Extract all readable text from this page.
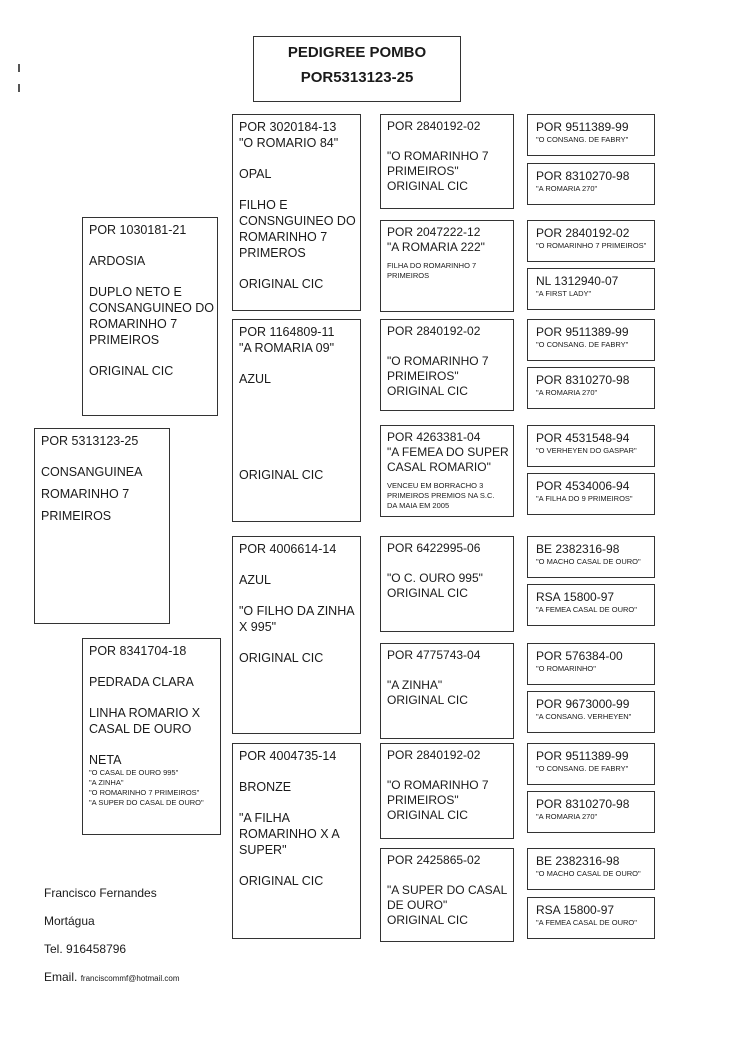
PEDIGREE POMBO
POR5313123-25
POR 5313123-25
CONSANGUINEA
ROMARINHO 7
PRIMEIROS
POR 1030181-21
ARDOSIA
DUPLO NETO E
CONSANGUINEO DO
ROMARINHO 7
PRIMEIROS
ORIGINAL CIC
POR 8341704-18
PEDRADA CLARA
LINHA ROMARIO X
CASAL DE OURO
NETA
"O CASAL DE OURO 995"
"A ZINHA"
"O ROMARINHO 7 PRIMEIROS"
"A SUPER DO CASAL DE OURO"
POR 3020184-13
"O ROMARIO 84"
OPAL
FILHO E
CONSNGUINEO DO
ROMARINHO 7
PRIMEROS
ORIGINAL CIC
POR 1164809-11
"A ROMARIA 09"
AZUL
ORIGINAL CIC
POR 4006614-14
AZUL
"O FILHO DA ZINHA
X 995"
ORIGINAL CIC
POR 4004735-14
BRONZE
"A FILHA
ROMARINHO X A
SUPER"
ORIGINAL CIC
POR 2840192-02
"O ROMARINHO 7
PRIMEIROS"
ORIGINAL CIC
POR 2047222-12
"A ROMARIA 222"
FILHA DO ROMARINHO 7
PRIMEIROS
POR 2840192-02
"O ROMARINHO 7
PRIMEIROS"
ORIGINAL CIC
POR 4263381-04
"A FEMEA DO SUPER
CASAL ROMARIO"
VENCEU EM BORRACHO 3
PRIMEIROS PREMIOS NA S.C.
DA MAIA EM 2005
POR 6422995-06
"O C. OURO 995"
ORIGINAL CIC
POR 4775743-04
"A ZINHA"
ORIGINAL CIC
POR 2840192-02
"O ROMARINHO 7
PRIMEIROS"
ORIGINAL CIC
POR 2425865-02
"A SUPER DO CASAL
DE OURO"
ORIGINAL CIC
POR 9511389-99
"O CONSANG. DE FABRY"
POR 8310270-98
"A ROMARIA 270"
POR 2840192-02
"O ROMARINHO 7 PRIMEIROS"
NL 1312940-07
"A FIRST LADY"
POR 9511389-99
"O CONSANG. DE FABRY"
POR 8310270-98
"A ROMARIA 270"
POR 4531548-94
"O VERHEYEN DO GASPAR"
POR 4534006-94
"A FILHA DO 9 PRIMEIROS"
BE 2382316-98
"O MACHO CASAL DE OURO"
RSA 15800-97
"A FEMEA CASAL DE OURO"
POR 576384-00
"O ROMARINHO"
POR 9673000-99
"A CONSANG. VERHEYEN"
POR 9511389-99
"O CONSANG. DE FABRY"
POR 8310270-98
"A ROMARIA 270"
BE 2382316-98
"O MACHO CASAL DE OURO"
RSA 15800-97
"A FEMEA CASAL DE OURO"
Francisco Fernandes
Mortágua
Tel. 916458796
Email. franciscommf@hotmail.com
